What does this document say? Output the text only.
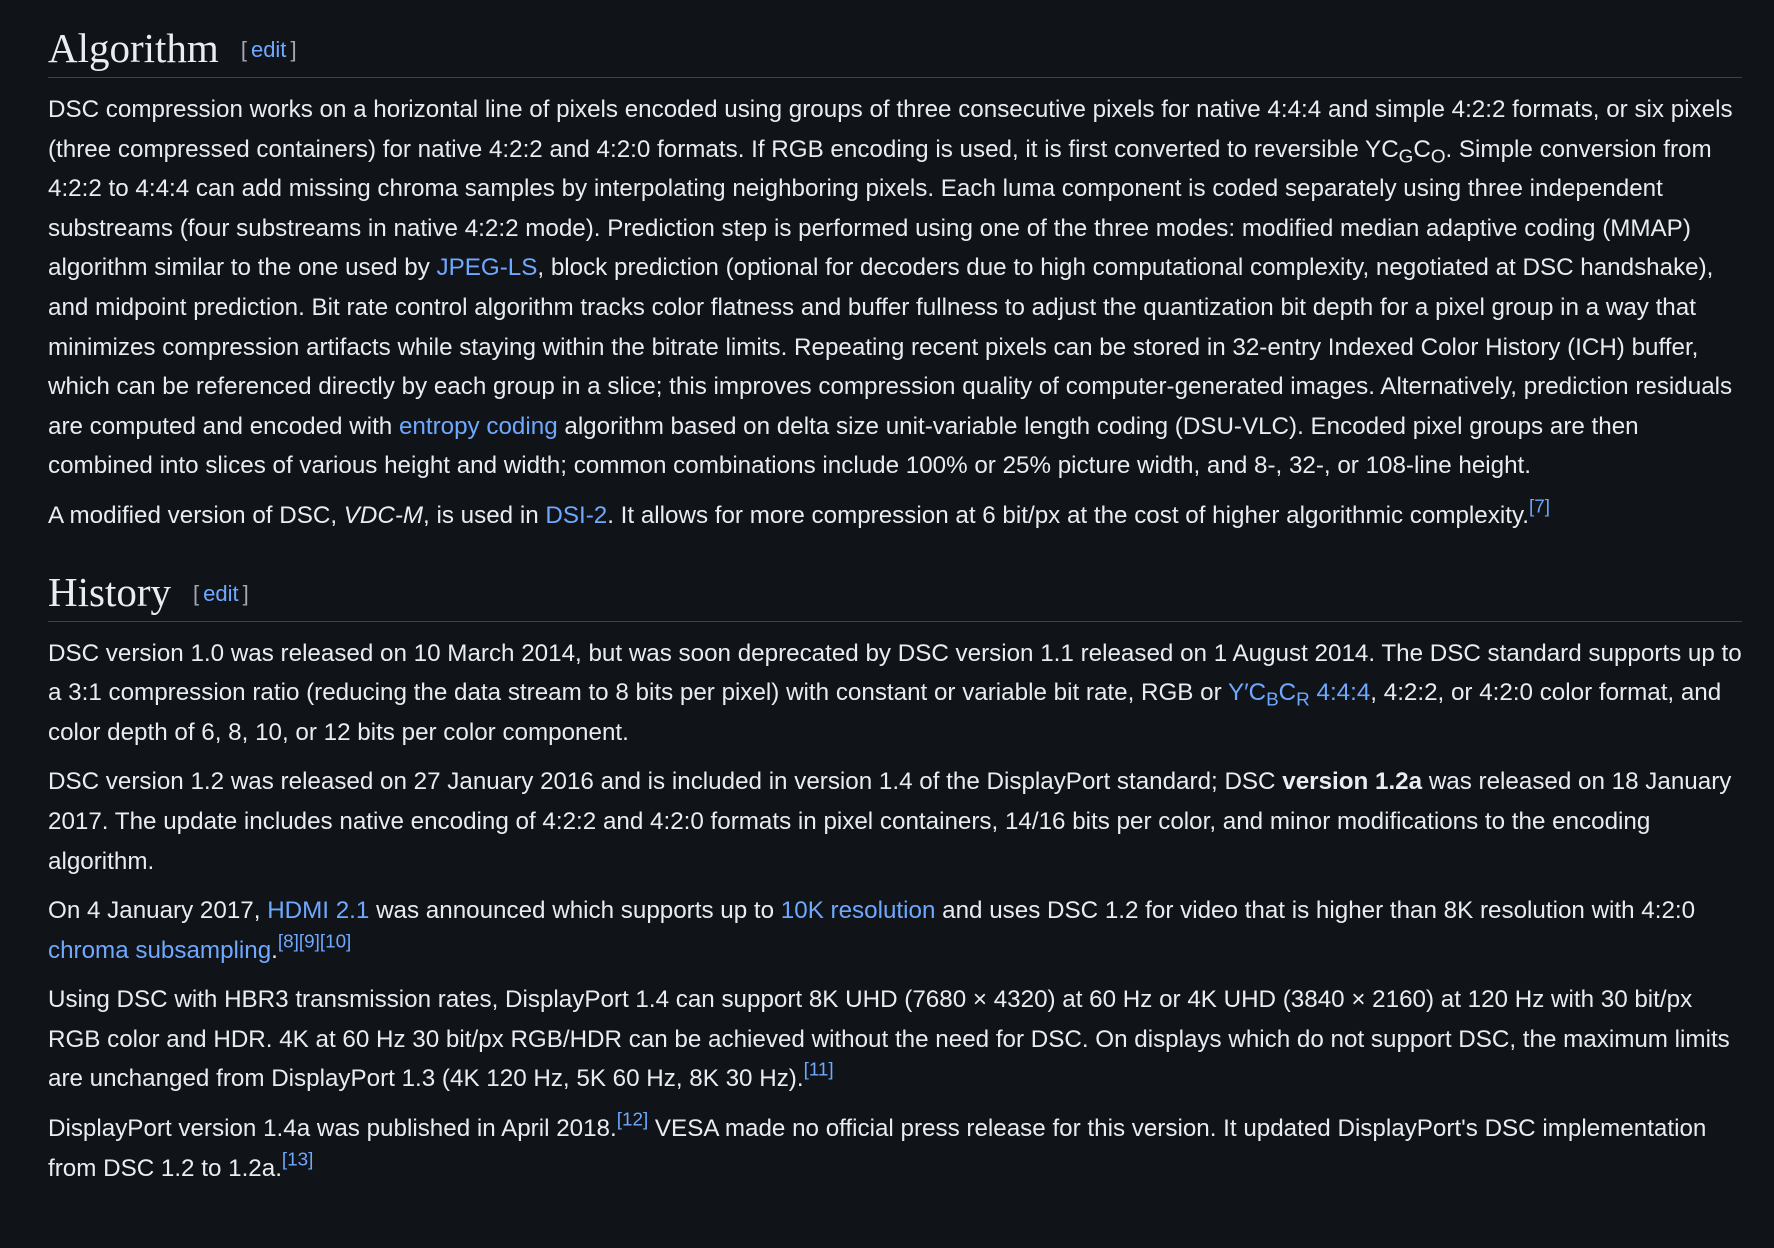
Algorithm [ edit ]

DSC compression works on a horizontal line of pixels encoded using groups of three consecutive pixels for native 4:4:4 and simple 4:2:2 formats, or six pixels (three compressed containers) for native 4:2:2 and 4:2:0 formats. If RGB encoding is used, it is first converted to reversible $YC_GC_O$. Simple conversion from 4:2:2 to 4:4:4 can add missing chroma samples by interpolating neighboring pixels. Each luma component is coded separately using three independent substreams (four substreams in native 4:2:2 mode). Prediction step is performed using one of the three modes: modified median adaptive coding (MMAP) algorithm similar to the one used by JPEG-LS, block prediction (optional for decoders due to high computational complexity, negotiated at DSC handshake), and midpoint prediction. Bit rate control algorithm tracks color flatness and buffer fullness to adjust the quantization bit depth for a pixel group in a way that minimizes compression artifacts while staying within the bitrate limits. Repeating recent pixels can be stored in 32-entry Indexed Color History (ICH) buffer, which can be referenced directly by each group in a slice; this improves compression quality of computer-generated images. Alternatively, prediction residuals are computed and encoded with entropy coding algorithm based on delta size unit-variable length coding (DSU-VLC). Encoded pixel groups are then combined into slices of various height and width; common combinations include 100% or 25% picture width, and 8-, 32-, or 108-line height.

A modified version of DSC, VDC-M, is used in DSI-2. It allows for more compression at 6 bit/px at the cost of higher algorithmic complexity.[7]

History [ edit ]

DSC version 1.0 was released on 10 March 2014, but was soon deprecated by DSC version 1.1 released on 1 August 2014. The DSC standard supports up to a 3:1 compression ratio (reducing the data stream to 8 bits per pixel) with constant or variable bit rate, RGB or $Y'C_BC_R$ 4:4:4, 4:2:2, or 4:2:0 color format, and color depth of 6, 8, 10, or 12 bits per color component.

DSC version 1.2 was released on 27 January 2016 and is included in version 1.4 of the DisplayPort standard; DSC version 1.2a was released on 18 January 2017. The update includes native encoding of 4:2:2 and 4:2:0 formats in pixel containers, 14/16 bits per color, and minor modifications to the encoding algorithm.

On 4 January 2017, HDMI 2.1 was announced which supports up to 10K resolution and uses DSC 1.2 for video that is higher than 8K resolution with 4:2:0 chroma subsampling.[8][9][10]

Using DSC with HBR3 transmission rates, DisplayPort 1.4 can support 8K UHD (7680 × 4320) at 60 Hz or 4K UHD (3840 × 2160) at 120 Hz with 30 bit/px RGB color and HDR. 4K at 60 Hz 30 bit/px RGB/HDR can be achieved without the need for DSC. On displays which do not support DSC, the maximum limits are unchanged from DisplayPort 1.3 (4K 120 Hz, 5K 60 Hz, 8K 30 Hz).[11]

DisplayPort version 1.4a was published in April 2018.[12] VESA made no official press release for this version. It updated DisplayPort's DSC implementation from DSC 1.2 to 1.2a.[13]
